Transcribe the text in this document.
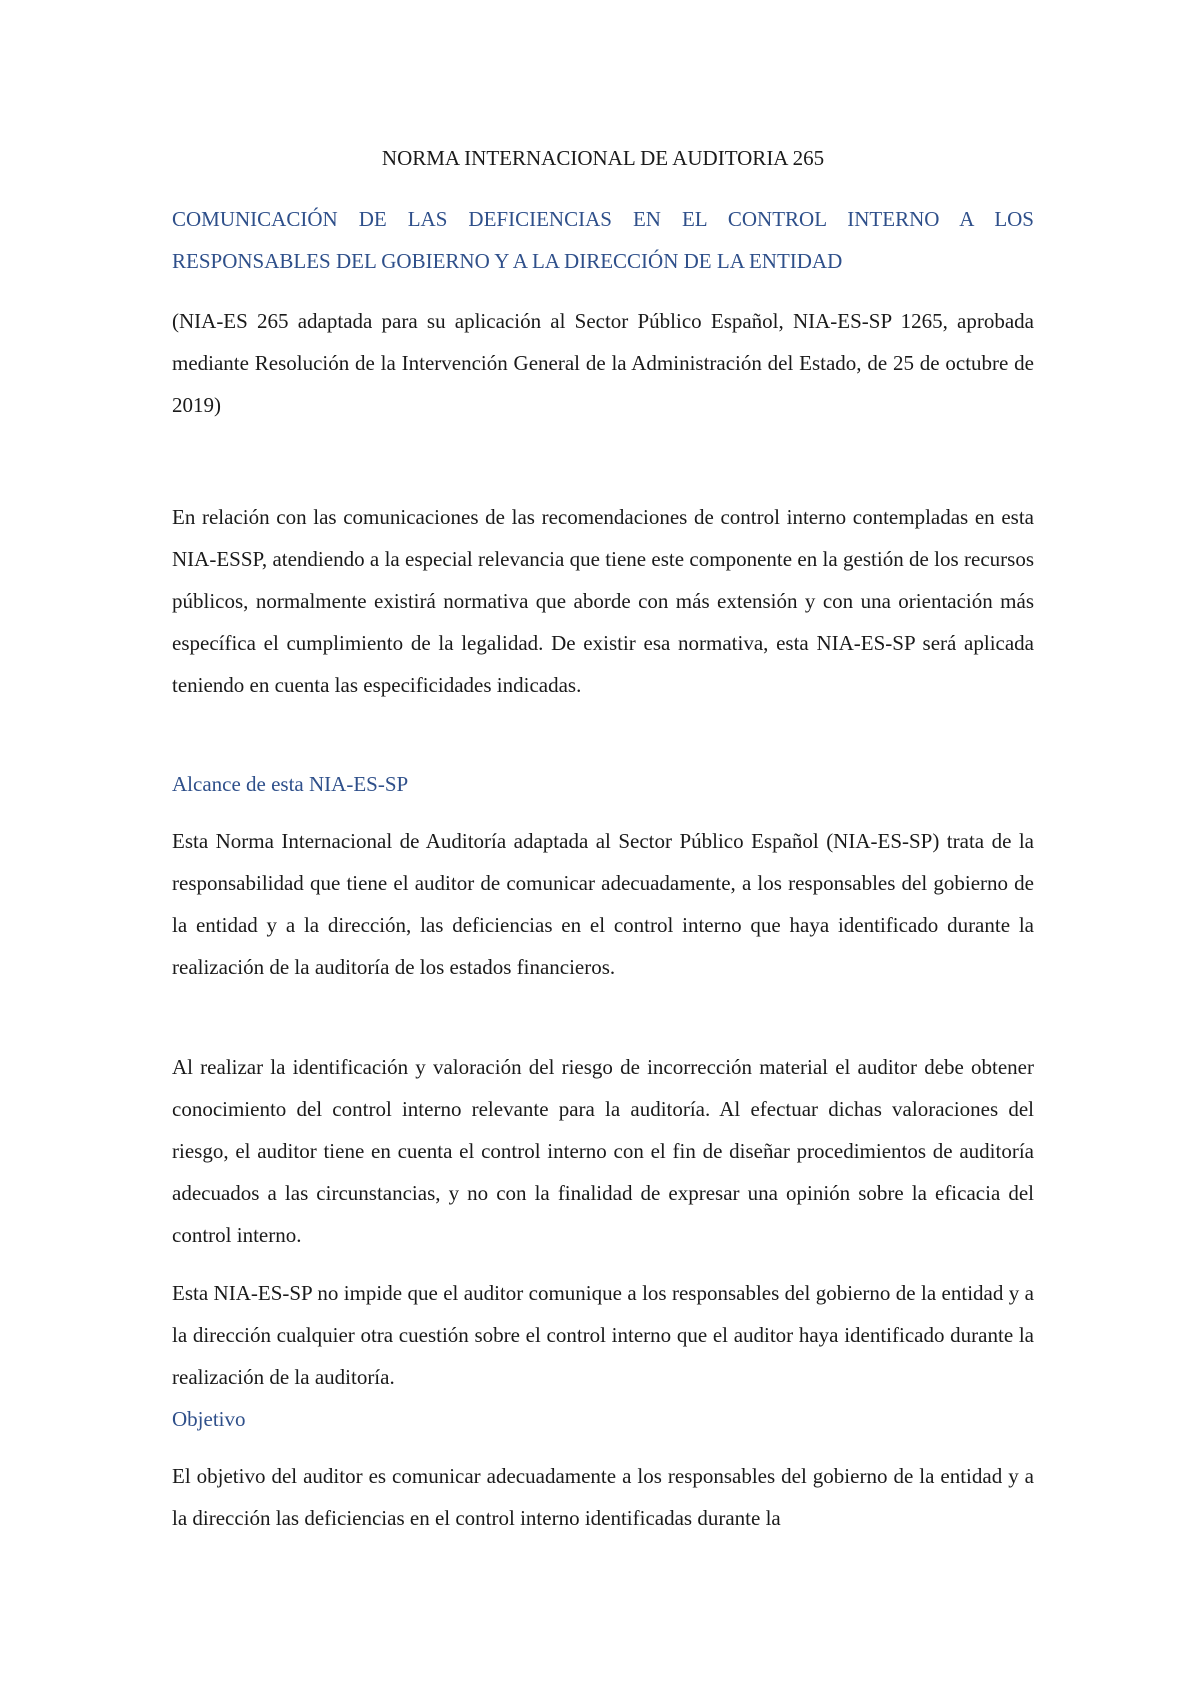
NORMA INTERNACIONAL DE AUDITORIA 265
COMUNICACIÓN DE LAS DEFICIENCIAS EN EL CONTROL INTERNO A LOS
RESPONSABLES DEL GOBIERNO Y A LA DIRECCIÓN DE LA ENTIDAD

(NIA-ES 265 adaptada para su aplicación al Sector Público Español, NIA-ES-SP 1265, aprobada mediante Resolución de la Intervención General de la Administración del Estado, de 25 de octubre de 2019)

En relación con las comunicaciones de las recomendaciones de control interno contempladas en esta NIA-ESSP, atendiendo a la especial relevancia que tiene este componente en la gestión de los recursos públicos, normalmente existirá normativa que aborde con más extensión y con una orientación más específica el cumplimiento de la legalidad. De existir esa normativa, esta NIA-ES-SP será aplicada teniendo en cuenta las especificidades indicadas.

Alcance de esta NIA-ES-SP

Esta Norma Internacional de Auditoría adaptada al Sector Público Español (NIA-ES-SP) trata de la responsabilidad que tiene el auditor de comunicar adecuadamente, a los responsables del gobierno de la entidad y a la dirección, las deficiencias en el control interno que haya identificado durante la realización de la auditoría de los estados financieros.

Al realizar la identificación y valoración del riesgo de incorrección material el auditor debe obtener conocimiento del control interno relevante para la auditoría. Al efectuar dichas valoraciones del riesgo, el auditor tiene en cuenta el control interno con el fin de diseñar procedimientos de auditoría adecuados a las circunstancias, y no con la finalidad de expresar una opinión sobre la eficacia del control interno.

Esta NIA-ES-SP no impide que el auditor comunique a los responsables del gobierno de la entidad y a la dirección cualquier otra cuestión sobre el control interno que el auditor haya identificado durante la realización de la auditoría.

Objetivo

El objetivo del auditor es comunicar adecuadamente a los responsables del gobierno de la entidad y a la dirección las deficiencias en el control interno identificadas durante la
